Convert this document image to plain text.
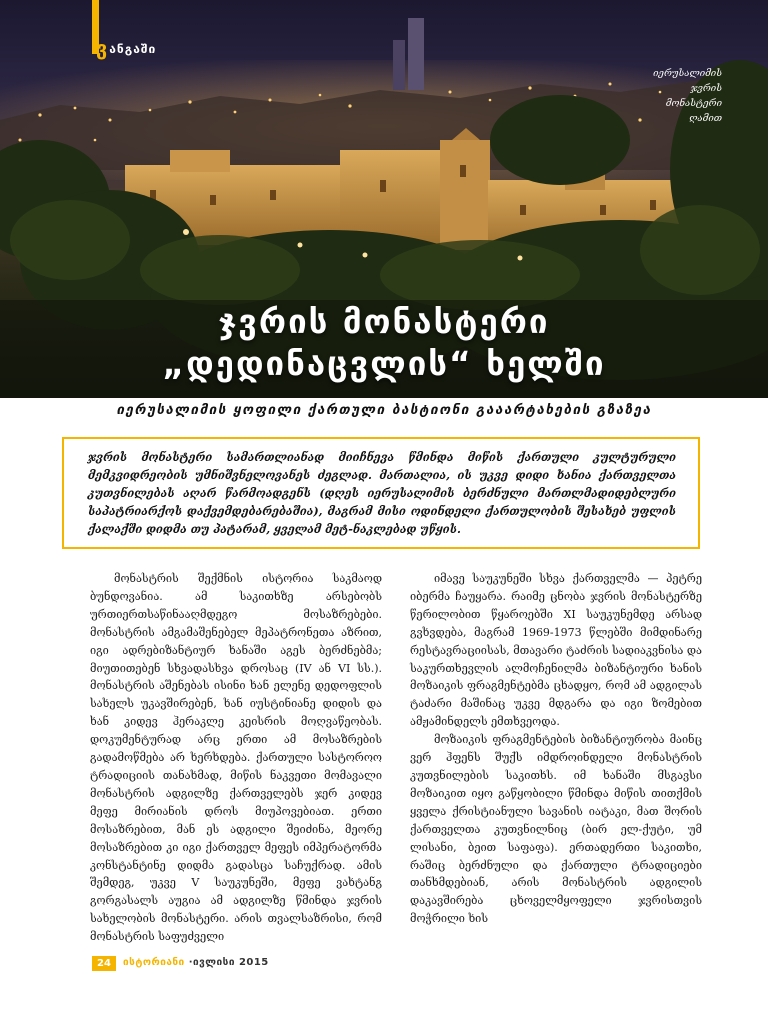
ვანგაში
იერუსალიმის
ჯვრის
მონასტერი
ღამით
ჯვრის მონასტერი
„დედინაცვლის“ ხელში
იერუსალიმის ყოფილი ქართული ბასტიონი გააარტახების გზაზეა
ჯვრის მონასტერი სამართლიანად მიიჩნევა წმინდა მიწის ქართული კულტურული მემკვიდრეობის უმნიშვნელოვანეს ძეგლად. მართალია, ის უკვე დიდი ხანია ქართველთა კუთვნილებას აღარ წარმოადგენს (დღეს იერუსალიმის ბერძნული მართლმადიდებლური საპატრიარქოს დაქვემდებარებაშია), მაგრამ მისი ოდინდელი ქართულობის შესახებ უფლის ქალაქში დიდმა თუ პატარამ, ყველამ მეტ-ნაკლებად უწყის.

მონასტრის შექმნის ისტორია საკმაოდ ბუნდოვანია. ამ საკითხზე არსებობს ურთიერთსაწინააღმდეგო მოსაზრებები. მონასტრის ამგამაშენებელ მეპატრონეთა აზრით, იგი ადრებიზანტიურ ხანაში აგეს ბერძნებმა; მიუთითებენ სხვადასხვა დროსაც (IV ან VI სს.). მონასტრის აშენებას ისინი ხან ელენე დედოფლის სახელს უკავშირებენ, ხან იუსტინიანე დიდის და ხან კიდევ ჰერაკლე კეისრის მოღვაწეობას. დოკუმენტურად არც ერთი ამ მოსაზრების გადამოწმება არ ხერხდება. ქართული სასტოროო ტრადიციის თანახმად, მიწის ნაკვეთი მომავალი მონასტრის ადგილზე ქართველებს ჯერ კიდევ მეფე მირიანის დროს მიუპოვებიათ. ერთი მოსაზრებით, მან ეს ადგილი შეიძინა, მეორე მოსაზრებით კი იგი ქართველ მეფეს იმპერატორმა კონსტანტინე დიდმა გადასცა საჩუქრად. ამის შემდეგ, უკვე V საუკუნეში, მეფე ვახტანგ გორგასალს აუგია ამ ადგილზე წმინდა ჯვრის სახელობის მონასტერი. არის თვალსაზრისი, რომ მონასტრის საფუძველი

იმავე საუკუნეში სხვა ქართველმა — პეტრე იბერმა ჩაუყარა. რაიმე ცნობა ჯვრის მონასტერზე წერილობით წყაროებში XI საუკუნემდე არსად გვხვდება, მაგრამ 1969-1973 წლებში მიმდინარე რესტავრაციისას, მთავარი ტაძრის სადიაკვნისა და საკურთხევლის ალმოჩენილმა ბიზანტიური ხანის მოზაიკის ფრაგმენტებმა ცხადყო, რომ ამ ადგილას ტაძარი მაშინაც უკვე მდგარა და იგი ზომებით ამჟამინდელს ემთხვეოდა.

მოზაიკის ფრაგმენტების ბიზანტიურობა მაინც ვერ ჰფენს შუქს იმდროინდელი მონასტრის კუთვნილების საკითხს. იმ ხანაში მსგავსი მოზაიკით იყო გაწყობილი წმინდა მიწის თითქმის ყველა ქრისტიანული სავანის იატაკი, მათ შორის ქართველთა კუთვნილნიც (ბირ ელ-ქუტი, უმ ლისანი, ბეით საფაფა). ერთადერთი საკითხი, რაშიც ბერძნული და ქართული ტრადიციები თანხმდებიან, არის მონასტრის ადგილის დაკავშირება ცხოველმყოფელი ჯვრისთვის მოჭრილი ხის

24	ისტორიანი ·ივლისი 2015
